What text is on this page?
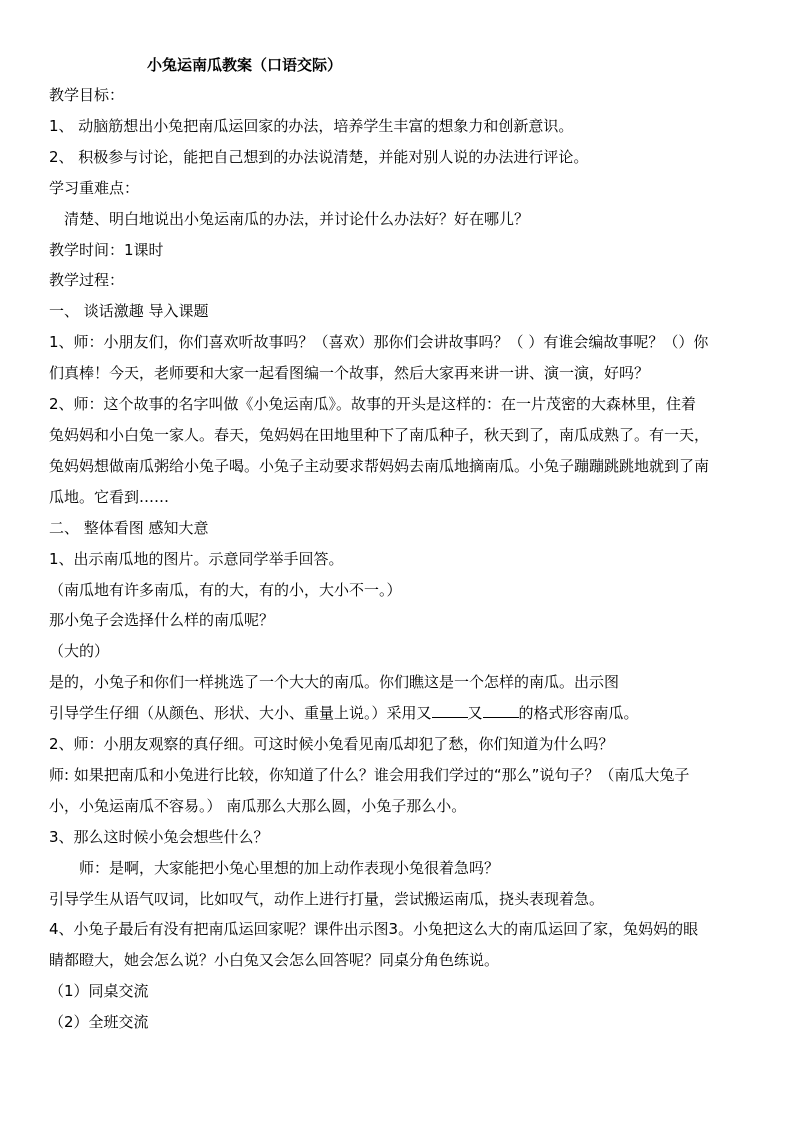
小兔运南瓜教案（口语交际）

教学目标：

1、 动脑筋想出小兔把南瓜运回家的办法，培养学生丰富的想象力和创新意识。

2、 积极参与讨论，能把自己想到的办法说清楚，并能对别人说的办法进行评论。

学习重难点：

清楚、明白地说出小兔运南瓜的办法，并讨论什么办法好？好在哪儿？

教学时间：1课时

教学过程：

一、 谈话激趣 导入课题

1、师：小朋友们，你们喜欢听故事吗？（喜欢）那你们会讲故事吗？（ ）有谁会编故事呢？（）你

们真棒！今天，老师要和大家一起看图编一个故事，然后大家再来讲一讲、演一演，好吗？

2、师：这个故事的名字叫做《小兔运南瓜》。故事的开头是这样的：在一片茂密的大森林里，住着

兔妈妈和小白兔一家人。春天，兔妈妈在田地里种下了南瓜种子，秋天到了，南瓜成熟了。有一天，

兔妈妈想做南瓜粥给小兔子喝。小兔子主动要求帮妈妈去南瓜地摘南瓜。小兔子蹦蹦跳跳地就到了南

瓜地。它看到……

二、 整体看图 感知大意

1、出示南瓜地的图片。示意同学举手回答。

（南瓜地有许多南瓜，有的大，有的小，大小不一。）

那小兔子会选择什么样的南瓜呢？

（大的）

是的，小兔子和你们一样挑选了一个大大的南瓜。你们瞧这是一个怎样的南瓜。出示图

引导学生仔细（从颜色、形状、大小、重量上说。）采用又 又 的格式形容南瓜。

2、师：小朋友观察的真仔细。可这时候小兔看见南瓜却犯了愁，你们知道为什么吗？

师: 如果把南瓜和小兔进行比较，你知道了什么？谁会用我们学过的“那么”说句子？（南瓜大兔子

小，小兔运南瓜不容易。） 南瓜那么大那么圆，小兔子那么小。

3、那么这时候小兔会想些什么？

师：是啊，大家能把小兔心里想的加上动作表现小兔很着急吗？

引导学生从语气叹词，比如叹气，动作上进行打量，尝试搬运南瓜，挠头表现着急。

4、小兔子最后有没有把南瓜运回家呢？课件出示图3。小兔把这么大的南瓜运回了家，兔妈妈的眼

睛都瞪大，她会怎么说？小白兔又会怎么回答呢？同桌分角色练说。

（1）同桌交流

（2）全班交流
